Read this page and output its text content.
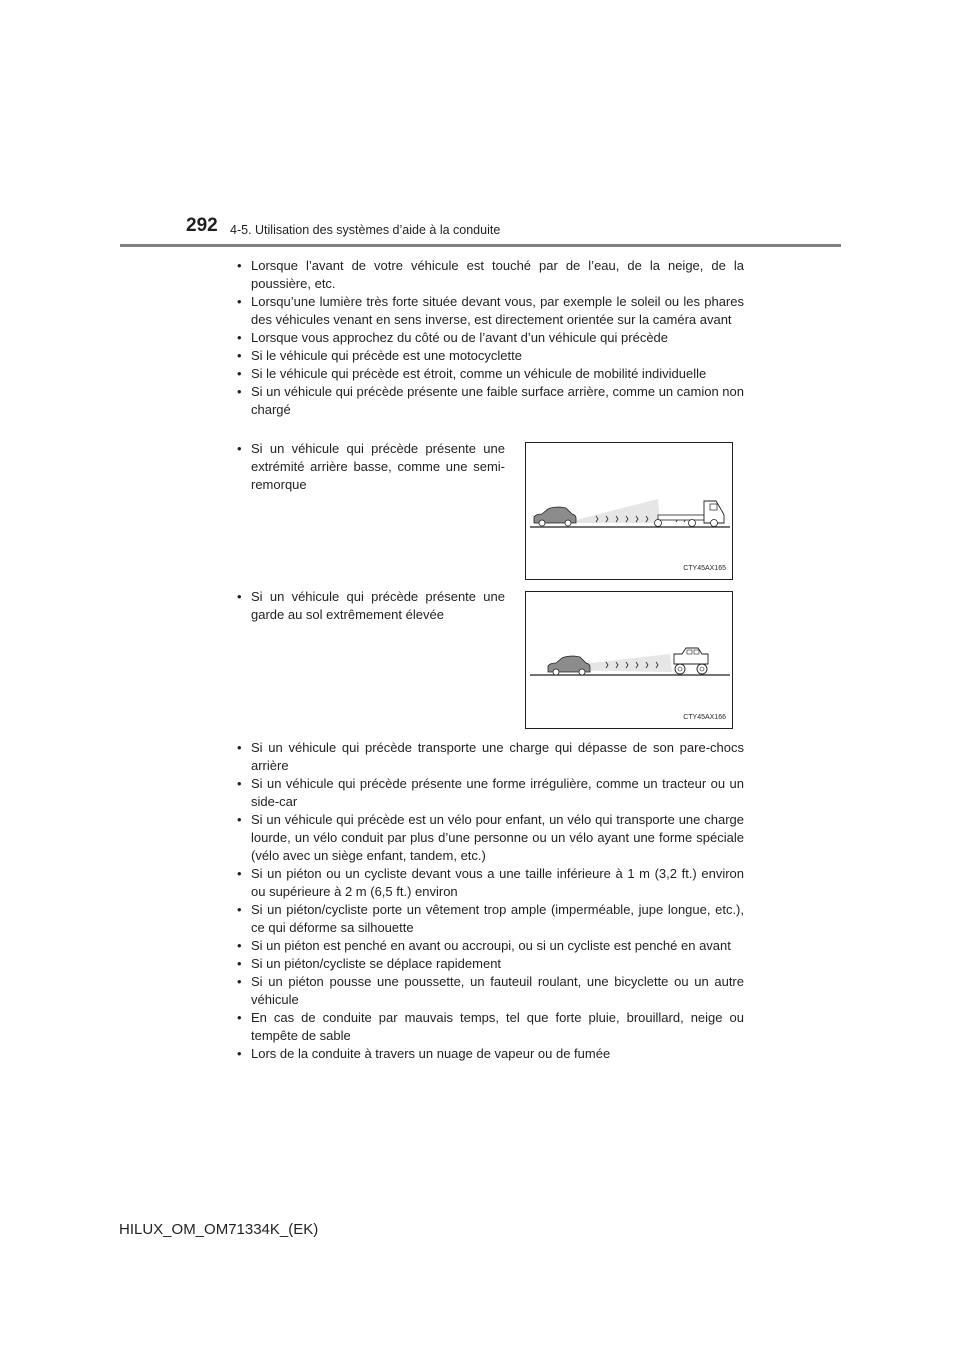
292 4-5. Utilisation des systèmes d’aide à la conduite
• Lorsque l’avant de votre véhicule est touché par de l’eau, de la neige, de la poussière, etc.
• Lorsqu’une lumière très forte située devant vous, par exemple le soleil ou les phares des véhicules venant en sens inverse, est directement orientée sur la caméra avant
• Lorsque vous approchez du côté ou de l’avant d’un véhicule qui précède
• Si le véhicule qui précède est une motocyclette
• Si le véhicule qui précède est étroit, comme un véhicule de mobilité individuelle
• Si un véhicule qui précède présente une faible surface arrière, comme un camion non chargé
• Si un véhicule qui précède présente une extrémité arrière basse, comme une semi-remorque
CTY45AX165
• Si un véhicule qui précède présente une garde au sol extrêmement élevée
CTY45AX166
• Si un véhicule qui précède transporte une charge qui dépasse de son pare-chocs arrière
• Si un véhicule qui précède présente une forme irrégulière, comme un tracteur ou un side-car
• Si un véhicule qui précède est un vélo pour enfant, un vélo qui transporte une charge lourde, un vélo conduit par plus d’une personne ou un vélo ayant une forme spéciale (vélo avec un siège enfant, tandem, etc.)
• Si un piéton ou un cycliste devant vous a une taille inférieure à 1 m (3,2 ft.) environ ou supérieure à 2 m (6,5 ft.) environ
• Si un piéton/cycliste porte un vêtement trop ample (imperméable, jupe longue, etc.), ce qui déforme sa silhouette
• Si un piéton est penché en avant ou accroupi, ou si un cycliste est penché en avant
• Si un piéton/cycliste se déplace rapidement
• Si un piéton pousse une poussette, un fauteuil roulant, une bicyclette ou un autre véhicule
• En cas de conduite par mauvais temps, tel que forte pluie, brouillard, neige ou tempête de sable
• Lors de la conduite à travers un nuage de vapeur ou de fumée
HILUX_OM_OM71334K_(EK)
